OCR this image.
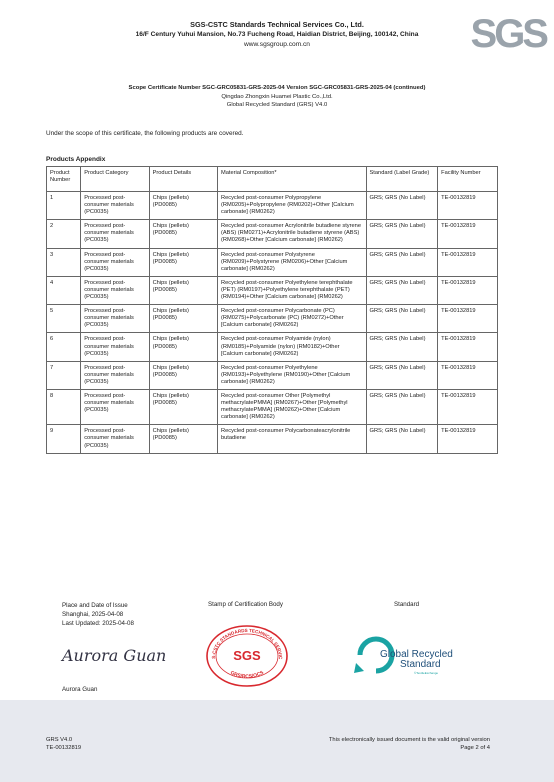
SGS-CSTC Standards Technical Services Co., Ltd.
16/F Century Yuhui Mansion, No.73 Fucheng Road, Haidian District, Beijing, 100142, China
www.sgsgroup.com.cn	SGS
Scope Certificate Number SGC-GRC05831-GRS-2025-04 Version SGC-GRC05831-GRS-2025-04 (continued)
Qingdao Zhongxin Huamei Plastic Co.,Ltd.
Global Recycled Standard (GRS) V4.0
Under the scope of this certificate, the following products are covered.
Products Appendix
Product Number	Product Category	Product Details	Material Composition*	Standard (Label Grade)	Facility Number
1	Processed post-consumer materials (PC0035)	Chips (pellets) (PD0085)	Recycled post-consumer Polypropylene (RM0205)+Polypropylene (RM0202)+Other [Calcium carbonate] (RM0262)	GRS; GRS (No Label)	TE-00132819
2	Processed post-consumer materials (PC0035)	Chips (pellets) (PD0085)	Recycled post-consumer Acrylonitrile butadiene styrene (ABS) (RM0271)+Acrylonitrile butadiene styrene (ABS) (RM0268)+Other [Calcium carbonate] (RM0262)	GRS; GRS (No Label)	TE-00132819
3	Processed post-consumer materials (PC0035)	Chips (pellets) (PD0085)	Recycled post-consumer Polystyrene (RM0209)+Polystyrene (RM0206)+Other [Calcium carbonate] (RM0262)	GRS; GRS (No Label)	TE-00132819
4	Processed post-consumer materials (PC0035)	Chips (pellets) (PD0085)	Recycled post-consumer Polyethylene terephthalate (PET) (RM0197)+Polyethylene terephthalate (PET) (RM0194)+Other [Calcium carbonate] (RM0262)	GRS; GRS (No Label)	TE-00132819
5	Processed post-consumer materials (PC0035)	Chips (pellets) (PD0085)	Recycled post-consumer Polycarbonate (PC) (RM0275)+Polycarbonate (PC) (RM0272)+Other [Calcium carbonate] (RM0262)	GRS; GRS (No Label)	TE-00132819
6	Processed post-consumer materials (PC0035)	Chips (pellets) (PD0085)	Recycled post-consumer Polyamide (nylon) (RM0185)+Polyamide (nylon) (RM0182)+Other [Calcium carbonate] (RM0262)	GRS; GRS (No Label)	TE-00132819
7	Processed post-consumer materials (PC0035)	Chips (pellets) (PD0085)	Recycled post-consumer Polyethylene (RM0193)+Polyethylene (RM0190)+Other [Calcium carbonate] (RM0262)	GRS; GRS (No Label)	TE-00132819
8	Processed post-consumer materials (PC0035)	Chips (pellets) (PD0085)	Recycled post-consumer Other [Polymethyl methacrylatePMMA] (RM0267)+Other [Polymethyl methacrylatePMMA] (RM0262)+Other [Calcium carbonate] (RM0262)	GRS; GRS (No Label)	TE-00132819
9	Processed post-consumer materials (PC0035)	Chips (pellets) (PD0085)	Recycled post-consumer Polycarbonateacrylonitrile butadiene	GRS; GRS (No Label)	TE-00132819
Place and Date of Issue
Shanghai, 2025-04-08
Last Updated: 2025-04-08
Stamp of Certification Body	Standard
Aurora Guan
Aurora Guan
S-CSTC STANDARDS TECHNICAL SERVIC
SGS
GRS/RCS/OCS
Global Recycled
Standard
©TextileExchange
GRS V4.0
TE-00132819
This electronically issued document is the valid original version
Page 2 of 4
